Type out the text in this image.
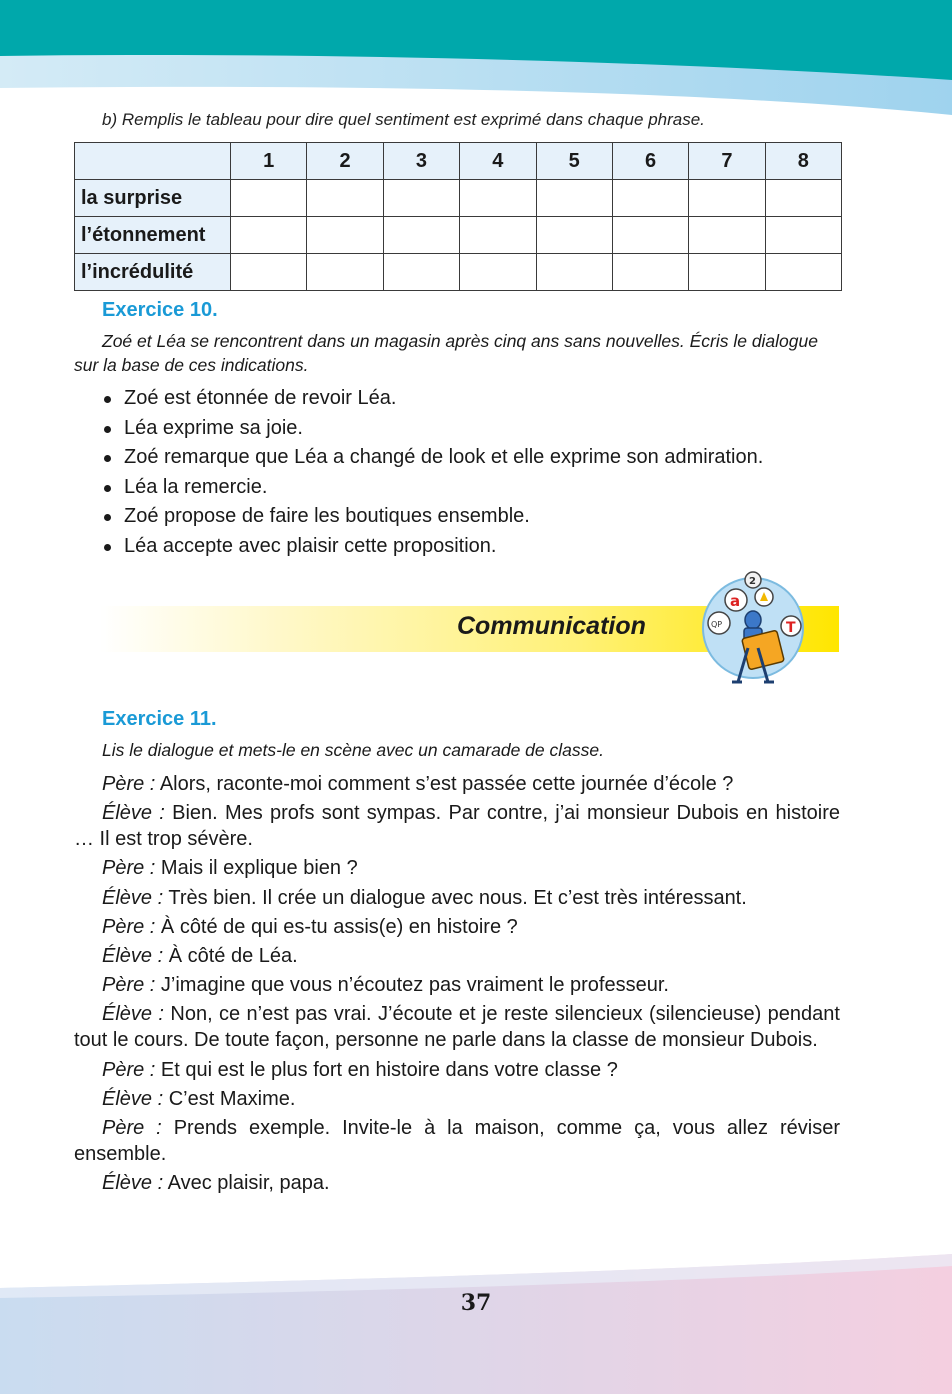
b) Remplis le tableau pour dire quel sentiment est exprimé dans chaque phrase.

	1	2	3	4	5	6	7	8
la surprise								
l’étonnement								
l’incrédulité								
Exercice 10.

Zoé et Léa se rencontrent dans un magasin après cinq ans sans nouvelles. Écris le dialogue sur la base de ces indications.

Zoé est étonnée de revoir Léa.
Léa exprime sa joie.
Zoé remarque que Léa a changé de look et elle exprime son admiration.
Léa la remercie.
Zoé propose de faire les boutiques ensemble.
Léa accepte avec plaisir cette proposition.
Communication
2
a
QP	T
Exercice 11.

Lis le dialogue et mets-le en scène avec un camarade de classe.

Père : Alors, raconte-moi comment s’est passée cette journée d’école ?

Élève : Bien. Mes profs sont sympas. Par contre, j’ai monsieur Dubois en histoire … Il est trop sévère.

Père : Mais il explique bien ?

Élève : Très bien. Il crée un dialogue avec nous. Et c’est très intéressant.

Père : À côté de qui es-tu assis(e) en histoire ?

Élève : À côté de Léa.

Père : J’imagine que vous n’écoutez pas vraiment le professeur.

Élève : Non, ce n’est pas vrai. J’écoute et je reste silencieux (silencieuse) pendant tout le cours. De toute façon, personne ne parle dans la classe de monsieur Dubois.

Père : Et qui est le plus fort en histoire dans votre classe ?

Élève : C’est Maxime.

Père : Prends exemple. Invite-le à la maison, comme ça, vous allez réviser ensemble.

Élève : Avec plaisir, papa.

37
